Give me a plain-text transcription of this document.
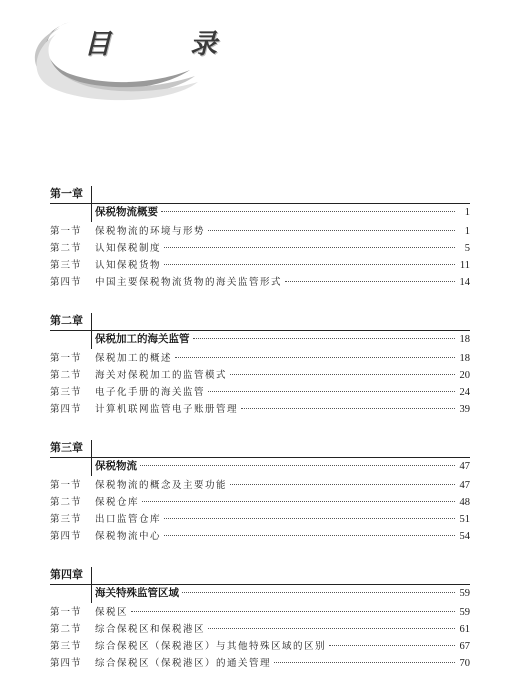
目　录
第一章
保税物流概要	1
第一节	保税物流的环境与形势	1
第二节	认知保税制度	5
第三节	认知保税货物	11
第四节	中国主要保税物流货物的海关监管形式	14
第二章
保税加工的海关监管	18
第一节	保税加工的概述	18
第二节	海关对保税加工的监管模式	20
第三节	电子化手册的海关监管	24
第四节	计算机联网监管电子账册管理	39
第三章
保税物流	47
第一节	保税物流的概念及主要功能	47
第二节	保税仓库	48
第三节	出口监管仓库	51
第四节	保税物流中心	54
第四章
海关特殊监管区域	59
第一节	保税区	59
第二节	综合保税区和保税港区	61
第三节	综合保税区（保税港区）与其他特殊区域的区别	67
第四节	综合保税区（保税港区）的通关管理	70
